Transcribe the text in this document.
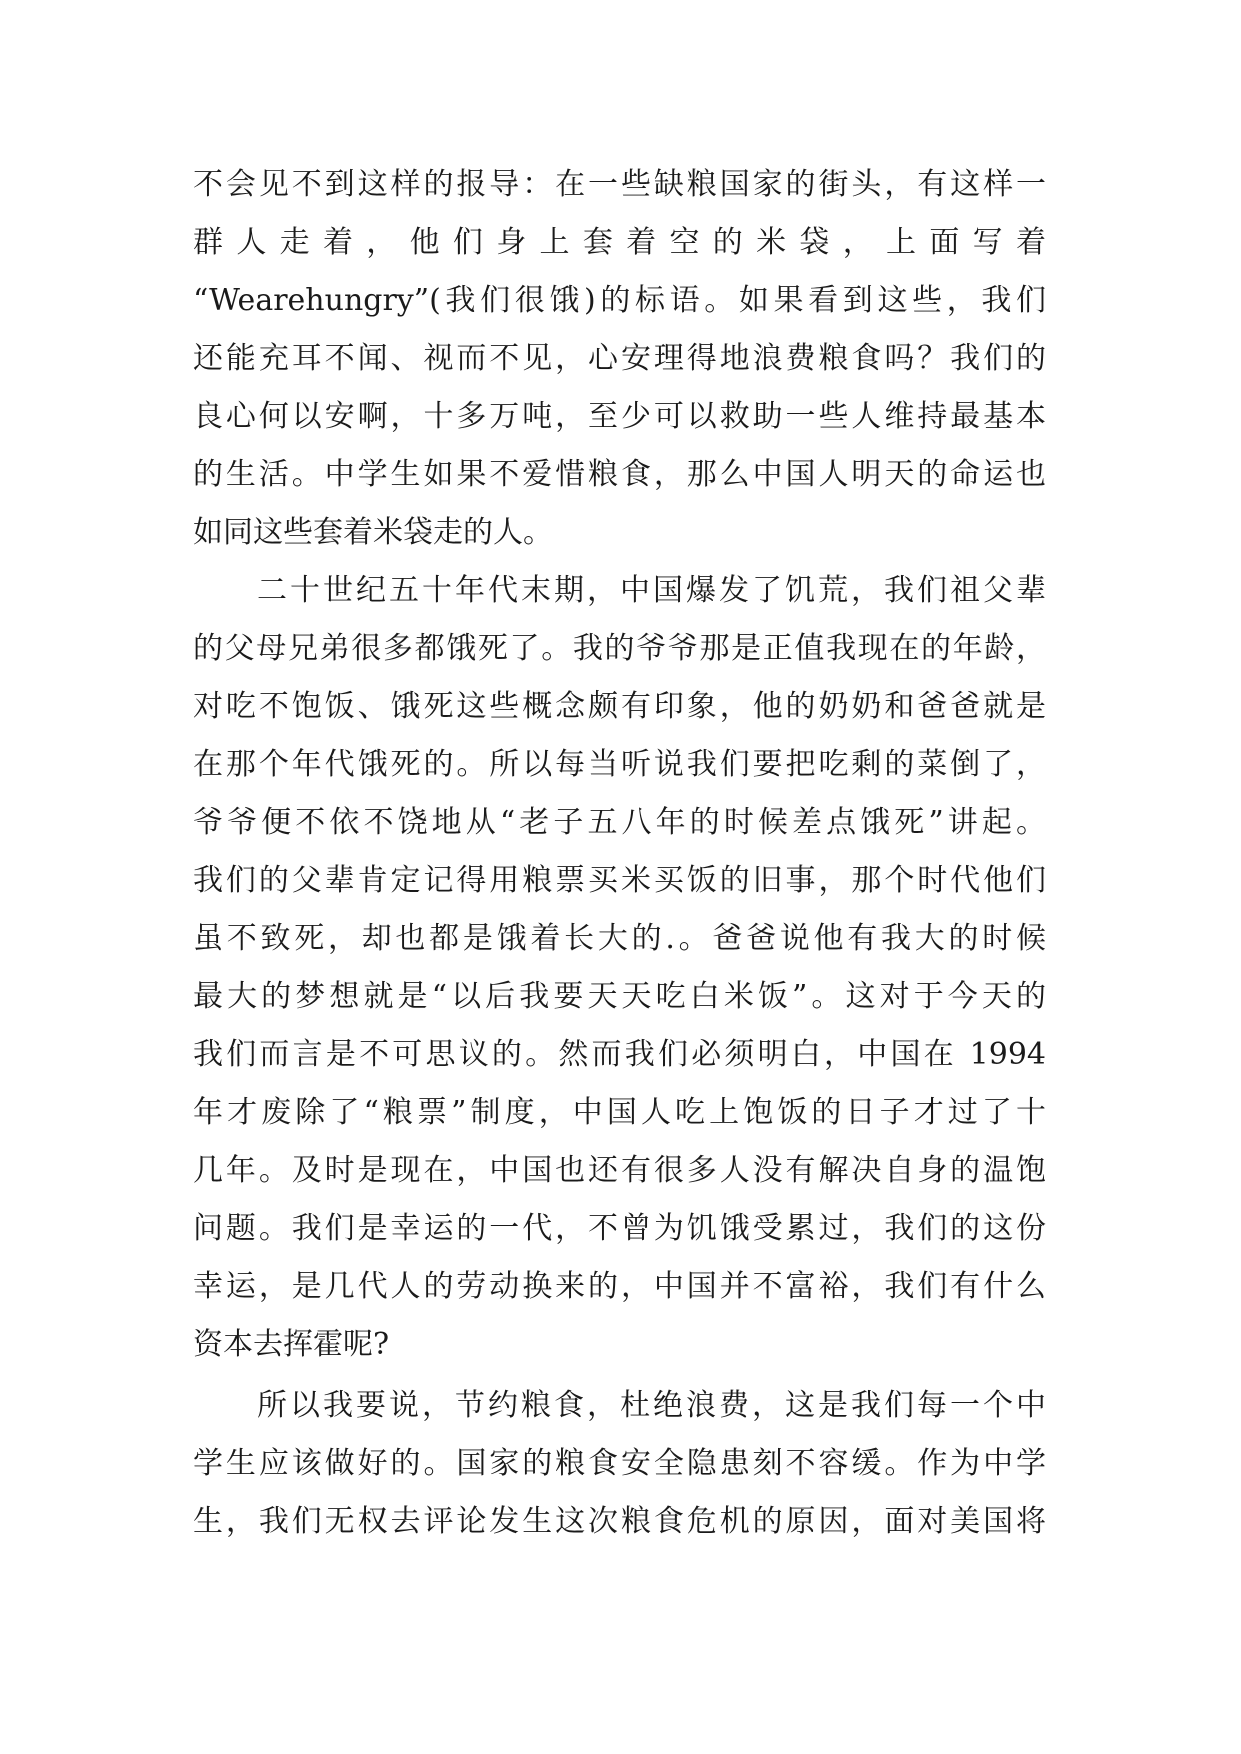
不会见不到这样的报导：在一些缺粮国家的街头，有这样一
群人走着，他们身上套着空的米袋，上面写着
“Wearehungry”(我们很饿)的标语。如果看到这些，我们
还能充耳不闻、视而不见，心安理得地浪费粮食吗？我们的
良心何以安啊，十多万吨，至少可以救助一些人维持最基本
的生活。中学生如果不爱惜粮食，那么中国人明天的命运也
如同这些套着米袋走的人。
二十世纪五十年代末期，中国爆发了饥荒，我们祖父辈
的父母兄弟很多都饿死了。我的爷爷那是正值我现在的年龄，
对吃不饱饭、饿死这些概念颇有印象，他的奶奶和爸爸就是
在那个年代饿死的。所以每当听说我们要把吃剩的菜倒了，
爷爷便不依不饶地从“老子五八年的时候差点饿死”讲起。
我们的父辈肯定记得用粮票买米买饭的旧事，那个时代他们
虽不致死，却也都是饿着长大的.。爸爸说他有我大的时候
最大的梦想就是“以后我要天天吃白米饭”。这对于今天的
我们而言是不可思议的。然而我们必须明白，中国在 1994
年才废除了“粮票”制度，中国人吃上饱饭的日子才过了十
几年。及时是现在，中国也还有很多人没有解决自身的温饱
问题。我们是幸运的一代，不曾为饥饿受累过，我们的这份
幸运，是几代人的劳动换来的，中国并不富裕，我们有什么
资本去挥霍呢?
所以我要说，节约粮食，杜绝浪费，这是我们每一个中
学生应该做好的。国家的粮食安全隐患刻不容缓。作为中学
生，我们无权去评论发生这次粮食危机的原因，面对美国将
